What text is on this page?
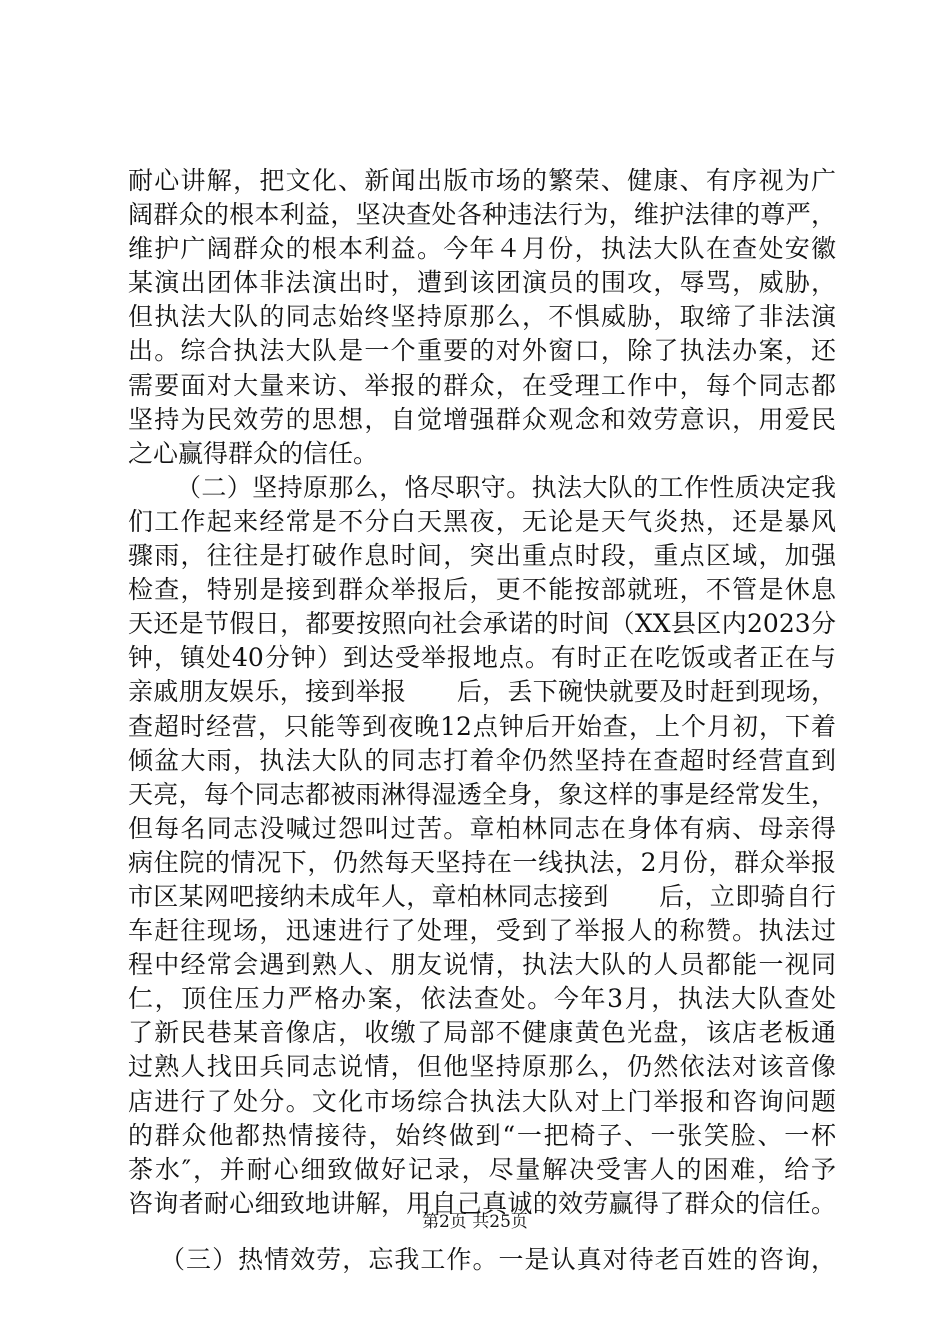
耐心讲解，把文化、新闻出版市场的繁荣、健康、有序视为广
阔群众的根本利益，坚决查处各种违法行为，维护法律的尊严，
维护广阔群众的根本利益。今年４月份，执法大队在查处安徽
某演出团体非法演出时，遭到该团演员的围攻，辱骂，威胁，
但执法大队的同志始终坚持原那么，不惧威胁，取缔了非法演
出。综合执法大队是一个重要的对外窗口，除了执法办案，还
需要面对大量来访、举报的群众，在受理工作中，每个同志都
坚持为民效劳的思想，自觉增强群众观念和效劳意识，用爱民
之心赢得群众的信任。
（二）坚持原那么，恪尽职守。执法大队的工作性质决定我
们工作起来经常是不分白天黑夜，无论是天气炎热，还是暴风
骤雨，往往是打破作息时间，突出重点时段，重点区域，加强
检查，特别是接到群众举报后，更不能按部就班，不管是休息
天还是节假日，都要按照向社会承诺的时间（XX县区内2023分
钟，镇处40分钟）到达受举报地点。有时正在吃饭或者正在与
亲戚朋友娱乐，接到举报　　后，丢下碗快就要及时赶到现场，
查超时经营，只能等到夜晚12点钟后开始查，上个月初，下着
倾盆大雨，执法大队的同志打着伞仍然坚持在查超时经营直到
天亮，每个同志都被雨淋得湿透全身，象这样的事是经常发生，
但每名同志没喊过怨叫过苦。章柏林同志在身体有病、母亲得
病住院的情况下，仍然每天坚持在一线执法，2月份，群众举报
市区某网吧接纳未成年人，章柏林同志接到　　后，立即骑自行
车赶往现场，迅速进行了处理，受到了举报人的称赞。执法过
程中经常会遇到熟人、朋友说情，执法大队的人员都能一视同
仁，顶住压力严格办案，依法查处。今年3月，执法大队查处
了新民巷某音像店，收缴了局部不健康黄色光盘，该店老板通
过熟人找田兵同志说情，但他坚持原那么，仍然依法对该音像
店进行了处分。文化市场综合执法大队对上门举报和咨询问题
的群众他都热情接待，始终做到“一把椅子、一张笑脸、一杯
茶水″，并耐心细致做好记录，尽量解决受害人的困难，给予
咨询者耐心细致地讲解，用自己真诚的效劳赢得了群众的信任。
（三）热情效劳，忘我工作。一是认真对待老百姓的咨询，
第2页 共25页
